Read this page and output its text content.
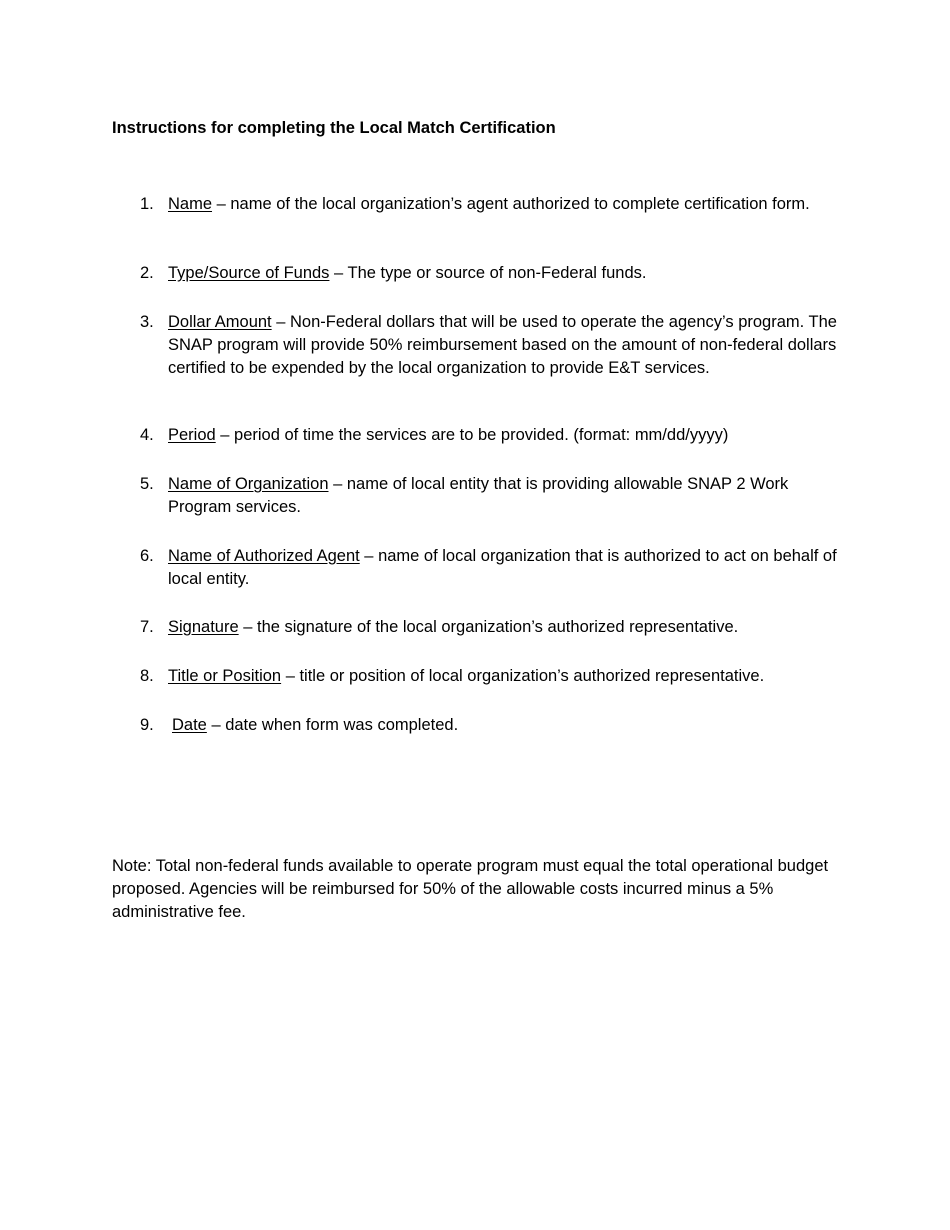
Instructions for completing the Local Match Certification
1. Name – name of the local organization’s agent authorized to complete certification form.
2. Type/Source of Funds – The type or source of non-Federal funds.
3. Dollar Amount – Non-Federal dollars that will be used to operate the agency’s program. The SNAP program will provide 50% reimbursement based on the amount of non-federal dollars certified to be expended by the local organization to provide E&T services.
4. Period – period of time the services are to be provided. (format: mm/dd/yyyy)
5. Name of Organization – name of local entity that is providing allowable SNAP 2 Work Program services.
6. Name of Authorized Agent – name of local organization that is authorized to act on behalf of local entity.
7. Signature – the signature of the local organization’s authorized representative.
8. Title or Position – title or position of local organization’s authorized representative.
9.	Date – date when form was completed.
Note: Total non-federal funds available to operate program must equal the total operational budget proposed. Agencies will be reimbursed for 50% of the allowable costs incurred minus a 5% administrative fee.
